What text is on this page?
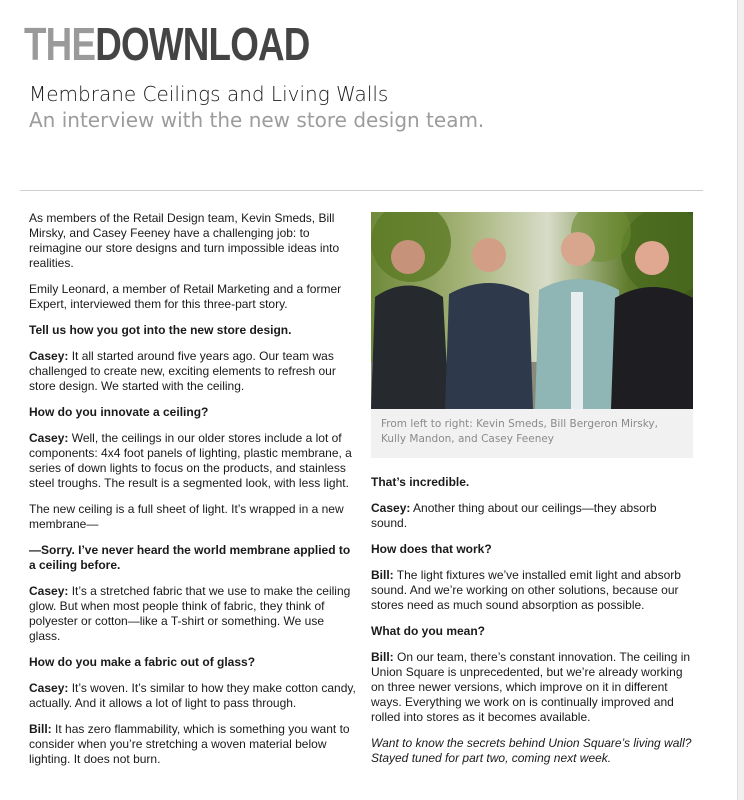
THEDOWNLOAD
Membrane Ceilings and Living Walls
An interview with the new store design team.

As members of the Retail Design team, Kevin Smeds, Bill Mirsky, and Casey Feeney have a challenging job: to reimagine our store designs and turn impossible ideas into realities.

Emily Leonard, a member of Retail Marketing and a former Expert, interviewed them for this three-part story.

Tell us how you got into the new store design.

Casey: It all started around five years ago. Our team was challenged to create new, exciting elements to refresh our store design. We started with the ceiling.

How do you innovate a ceiling?

Casey: Well, the ceilings in our older stores include a lot of components: 4x4 foot panels of lighting, plastic membrane, a series of down lights to focus on the products, and stainless steel troughs. The result is a segmented look, with less light.

The new ceiling is a full sheet of light. It’s wrapped in a new membrane—

—Sorry. I’ve never heard the world membrane applied to a ceiling before.

Casey: It’s a stretched fabric that we use to make the ceiling glow. But when most people think of fabric, they think of polyester or cotton—like a T-shirt or something. We use glass.

How do you make a fabric out of glass?

Casey: It’s woven. It’s similar to how they make cotton candy, actually. And it allows a lot of light to pass through.

Bill: It has zero flammability, which is something you want to consider when you’re stretching a woven material below lighting. It does not burn.

From left to right: Kevin Smeds, Bill Bergeron Mirsky, Kully Mandon, and Casey Feeney

That’s incredible.

Casey: Another thing about our ceilings—they absorb sound.

How does that work?

Bill: The light fixtures we’ve installed emit light and absorb sound. And we’re working on other solutions, because our stores need as much sound absorption as possible.

What do you mean?

Bill: On our team, there’s constant innovation. The ceiling in Union Square is unprecedented, but we’re already working on three newer versions, which improve on it in different ways. Everything we work on is continually improved and rolled into stores as it becomes available.

Want to know the secrets behind Union Square’s living wall? Stayed tuned for part two, coming next week.
